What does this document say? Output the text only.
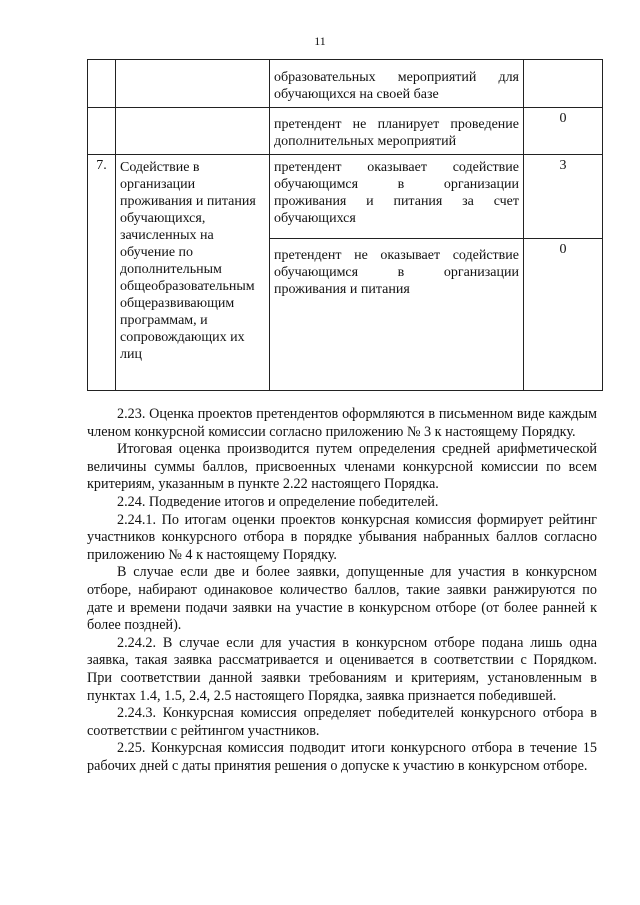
11
		образовательных мероприятий для обучающихся на своей базе	
		претендент не планирует проведение дополнительных мероприятий	0
7.	Содействие в организации проживания и питания обучающихся, зачисленных на обучение по дополнительным общеобразовательным общеразвивающим программам, и сопровождающих их лиц	претендент оказывает содействие обучающимся в организации проживания и питания за счет обучающихся	3
		претендент не оказывает содействие обучающимся в организации проживания и питания	0

2.23. Оценка проектов претендентов оформляются в письменном виде каждым членом конкурсной комиссии согласно приложению № 3 к настоящему Порядку.

Итоговая оценка производится путем определения средней арифметической величины суммы баллов, присвоенных членами конкурсной комиссии по всем критериям, указанным в пункте 2.22 настоящего Порядка.

2.24. Подведение итогов и определение победителей.

2.24.1. По итогам оценки проектов конкурсная комиссия формирует рейтинг участников конкурсного отбора в порядке убывания набранных баллов согласно приложению № 4 к настоящему Порядку.

В случае если две и более заявки, допущенные для участия в конкурсном отборе, набирают одинаковое количество баллов, такие заявки ранжируются по дате и времени подачи заявки на участие в конкурсном отборе (от более ранней к более поздней).

2.24.2. В случае если для участия в конкурсном отборе подана лишь одна заявка, такая заявка рассматривается и оценивается в соответствии с Порядком. При соответствии данной заявки требованиям и критериям, установленным в пунктах 1.4, 1.5, 2.4, 2.5 настоящего Порядка, заявка признается победившей.

2.24.3. Конкурсная комиссия определяет победителей конкурсного отбора в соответствии с рейтингом участников.

2.25. Конкурсная комиссия подводит итоги конкурсного отбора в течение 15 рабочих дней с даты принятия решения о допуске к участию в конкурсном отборе.
